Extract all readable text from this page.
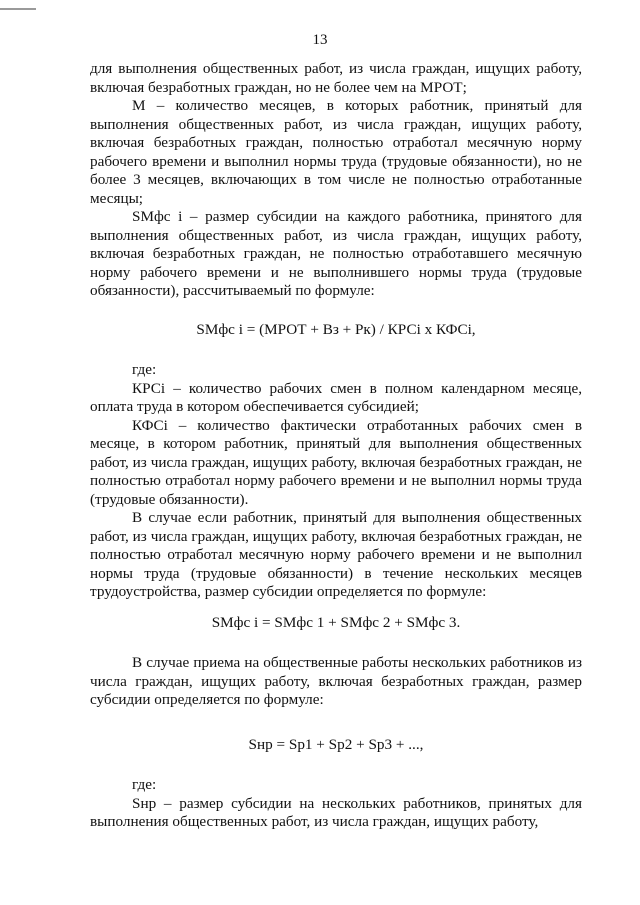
13

для выполнения общественных работ, из числа граждан, ищущих работу, включая безработных граждан, но не более чем на МРОТ;

М – количество месяцев, в которых работник, принятый для выполнения общественных работ, из числа граждан, ищущих работу, включая безработных граждан, полностью отработал месячную норму рабочего времени и выполнил нормы труда (трудовые обязанности), но не более 3 месяцев, включающих в том числе не полностью отработанные месяцы;

SМфс i – размер субсидии на каждого работника, принятого для выполнения общественных работ, из числа граждан, ищущих работу, включая безработных граждан, не полностью отработавшего месячную норму рабочего времени и не выполнившего нормы труда (трудовые обязанности), рассчитываемый по формуле:

SМфс i = (МРОТ + Вз + Рк) / КРСi х КФСi,

где:

КРСi – количество рабочих смен в полном календарном месяце, оплата труда в котором обеспечивается субсидией;

КФСi – количество фактически отработанных рабочих смен в месяце, в котором работник, принятый для выполнения общественных работ, из числа граждан, ищущих работу, включая безработных граждан, не полностью отработал норму рабочего времени и не выполнил нормы труда (трудовые обязанности).

В случае если работник, принятый для выполнения общественных работ, из числа граждан, ищущих работу, включая безработных граждан, не полностью отработал месячную норму рабочего времени и не выполнил нормы труда (трудовые обязанности) в течение нескольких месяцев трудоустройства, размер субсидии определяется по формуле:

SМфс i = SМфс 1 + SМфс 2 + SМфс 3.

В случае приема на общественные работы нескольких работников из числа граждан, ищущих работу, включая безработных граждан, размер субсидии определяется по формуле:

Sнр = Sp1 + Sp2 + Sp3 + ...,

где:

Sнр – размер субсидии на нескольких работников, принятых для выполнения общественных работ, из числа граждан, ищущих работу,
